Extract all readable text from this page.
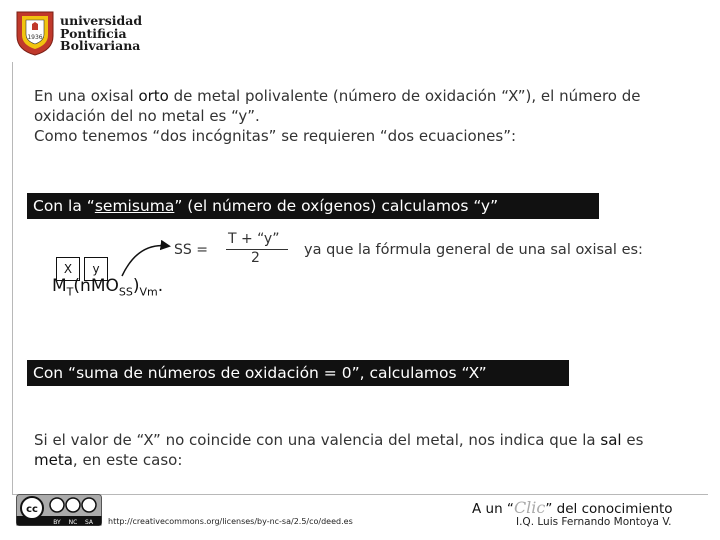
1936
universidad
Pontificia
Bolivariana

En una oxisal orto de metal polivalente (número de oxidación “X”), el número de

oxidación del no metal es “y”.

Como tenemos “dos incógnitas” se requieren “dos ecuaciones”:

Con la “semisuma” (el número de oxígenos) calculamos “y”
X	y
SS =
T + “y”
2	ya que la fórmula general de una sal oxisal es:
$M_T(nMO_{SS})_{Vm}$.
Con “suma de números de oxidación = 0”, calculamos “X”
Si el valor de “X” no coincide con una valencia del metal, nos indica que la sal es
meta, en este caso:
cc
BY NC SA http://creativecommons.org/licenses/by-nc-sa/2.5/co/deed.es
A un “Clic” del conocimiento
I.Q. Luis Fernando Montoya V.
